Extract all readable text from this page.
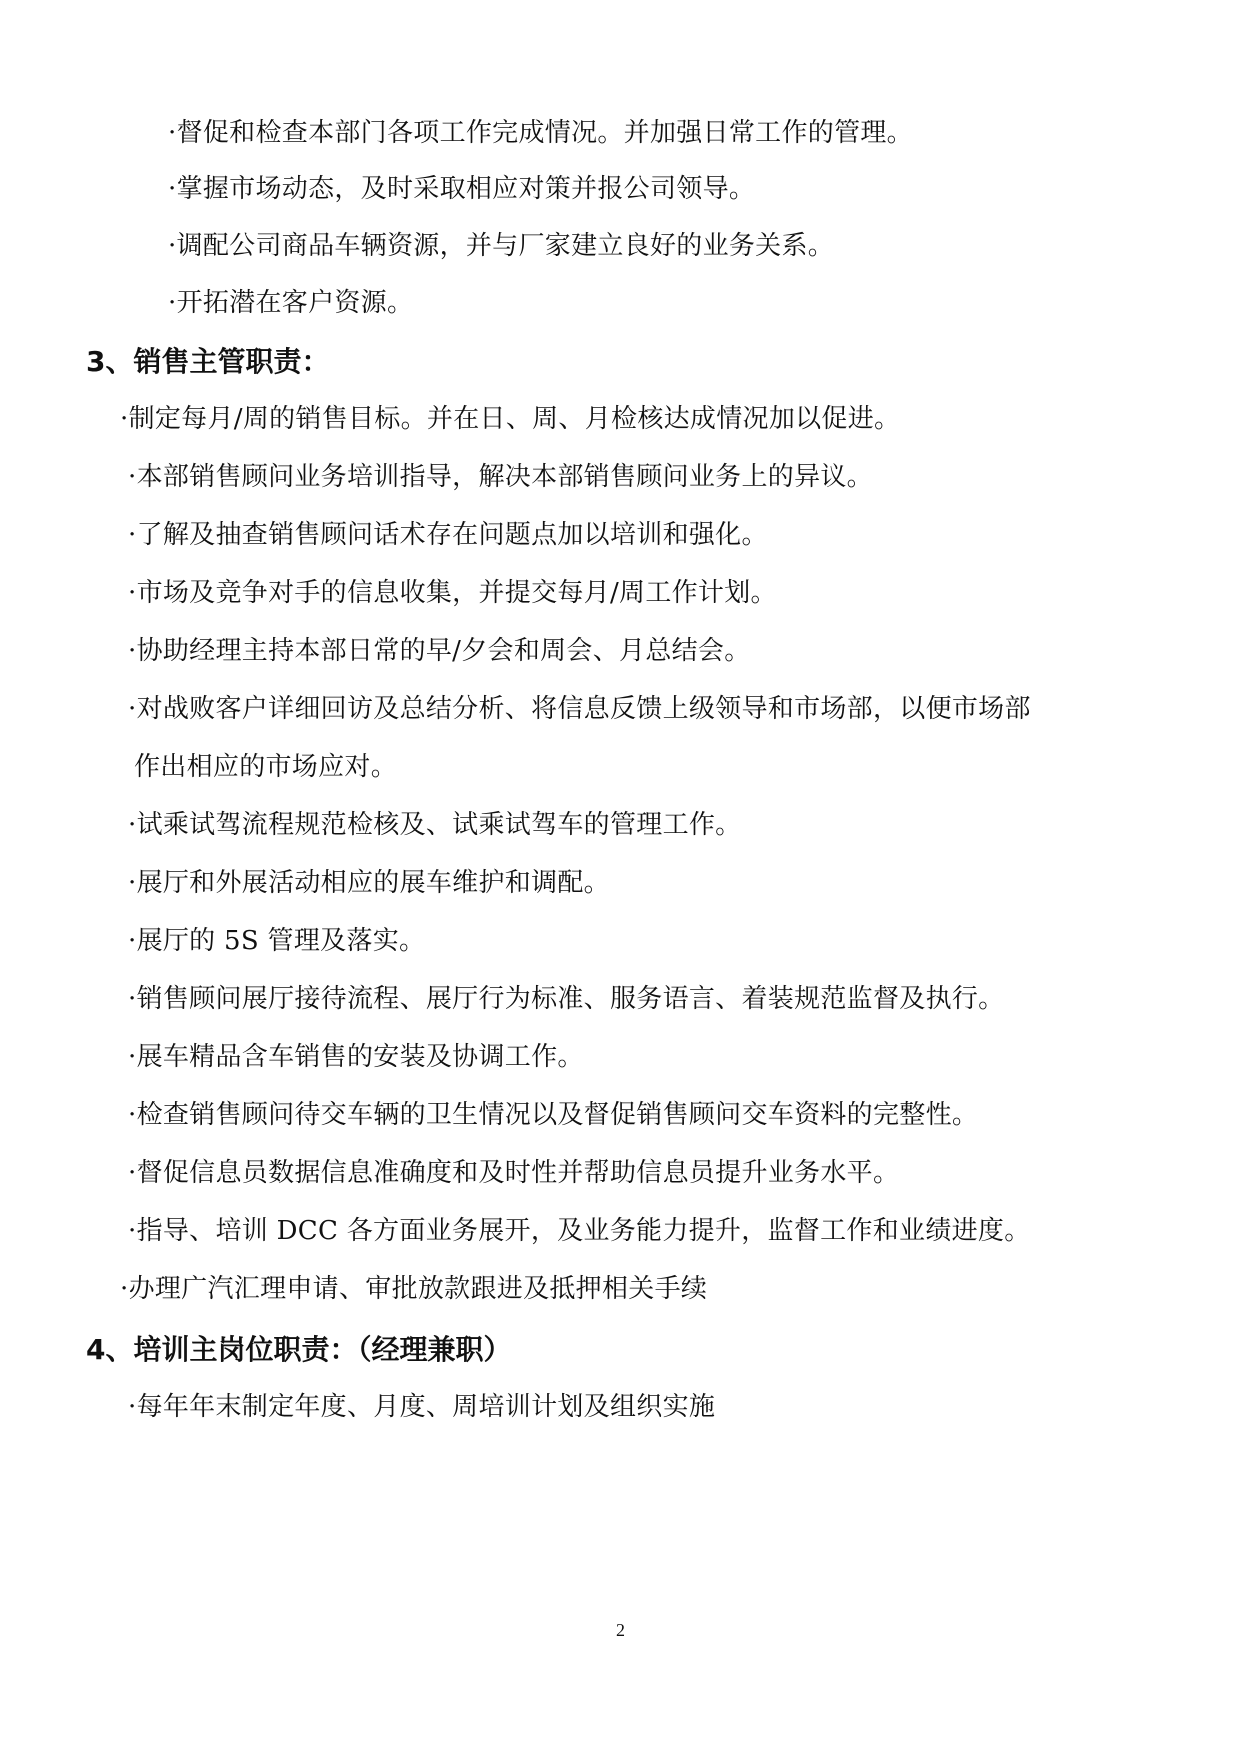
·督促和检查本部门各项工作完成情况。并加强日常工作的管理。
·掌握市场动态，及时采取相应对策并报公司领导。
·调配公司商品车辆资源，并与厂家建立良好的业务关系。
·开拓潜在客户资源。
3、销售主管职责：
·制定每月/周的销售目标。并在日、周、月检核达成情况加以促进。
·本部销售顾问业务培训指导，解决本部销售顾问业务上的异议。
·了解及抽查销售顾问话术存在问题点加以培训和强化。
·市场及竞争对手的信息收集，并提交每月/周工作计划。
·协助经理主持本部日常的早/夕会和周会、月总结会。
·对战败客户详细回访及总结分析、将信息反馈上级领导和市场部，以便市场部
作出相应的市场应对。
·试乘试驾流程规范检核及、试乘试驾车的管理工作。
·展厅和外展活动相应的展车维护和调配。
·展厅的 5S 管理及落实。
·销售顾问展厅接待流程、展厅行为标准、服务语言、着装规范监督及执行。
·展车精品含车销售的安装及协调工作。
·检查销售顾问待交车辆的卫生情况以及督促销售顾问交车资料的完整性。
·督促信息员数据信息准确度和及时性并帮助信息员提升业务水平。
·指导、培训 DCC 各方面业务展开，及业务能力提升，监督工作和业绩进度。
·办理广汽汇理申请、审批放款跟进及抵押相关手续
4、培训主岗位职责：（经理兼职）
·每年年末制定年度、月度、周培训计划及组织实施
2
